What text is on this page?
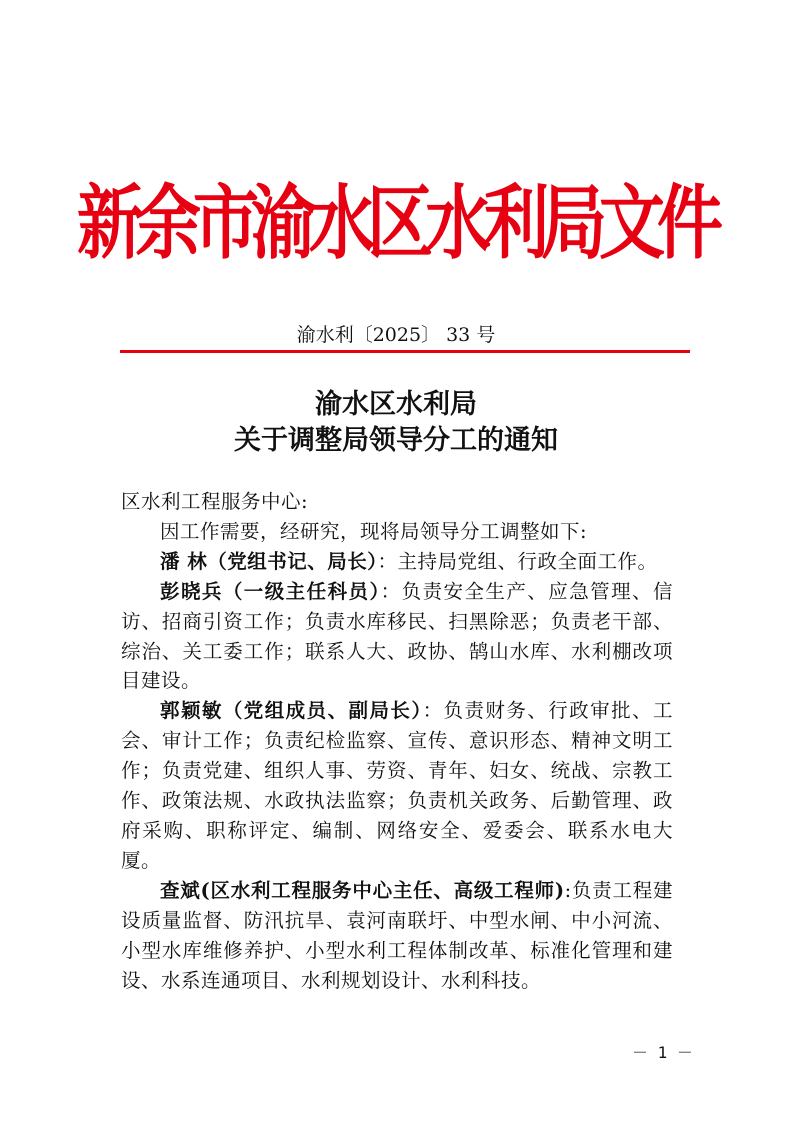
新余市渝水区水利局文件
渝水利〔2025〕 33 号
渝水区水利局
关于调整局领导分工的通知

区水利工程服务中心:

因工作需要，经研究，现将局领导分工调整如下:

潘 林（党组书记、局长）：主持局党组、行政全面工作。

彭晓兵（一级主任科员）：负责安全生产、应急管理、信访、招商引资工作；负责水库移民、扫黑除恶；负责老干部、综治、关工委工作；联系人大、政协、鹄山水库、水利棚改项目建设。

郭颖敏（党组成员、副局长）：负责财务、行政审批、工会、审计工作；负责纪检监察、宣传、意识形态、精神文明工作；负责党建、组织人事、劳资、青年、妇女、统战、宗教工作、政策法规、水政执法监察；负责机关政务、后勤管理、政府采购、职称评定、编制、网络安全、爱委会、联系水电大厦。

查斌(区水利工程服务中心主任、高级工程师):负责工程建设质量监督、防汛抗旱、袁河南联圩、中型水闸、中小河流、小型水库维修养护、小型水利工程体制改革、标准化管理和建设、水系连通项目、水利规划设计、水利科技。

－ 1 －
